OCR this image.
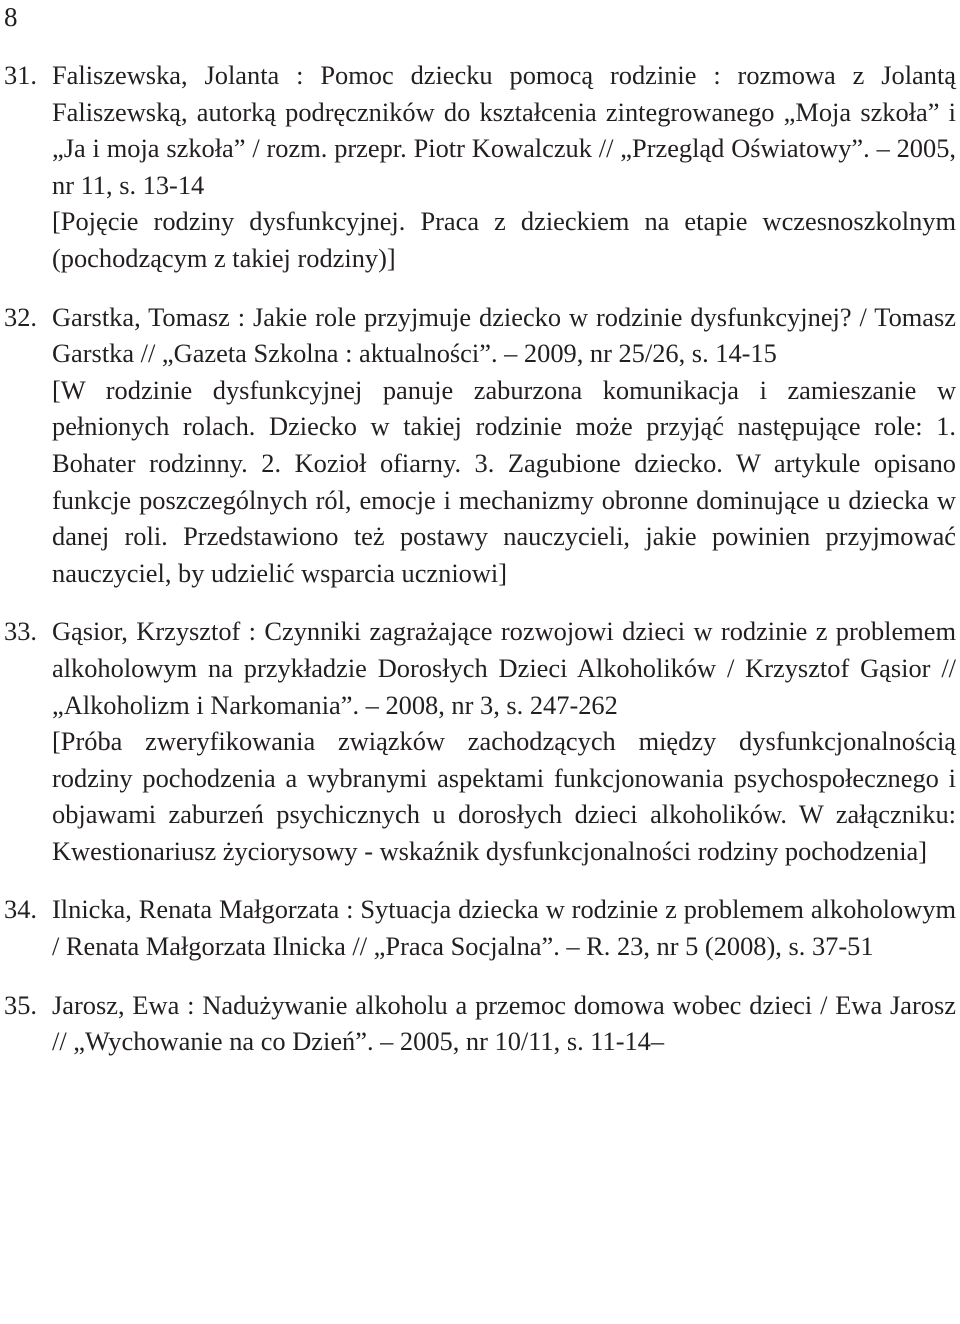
8
31. Faliszewska, Jolanta : Pomoc dziecku pomocą rodzinie : rozmowa z Jolantą Faliszewską, autorką podręczników do kształcenia zintegrowanego „Moja szkoła” i „Ja i moja szkoła” / rozm. przepr. Piotr Kowalczuk // „Przegląd Oświatowy”. – 2005, nr 11, s. 13-14

[Pojęcie rodziny dysfunkcyjnej. Praca z dzieckiem na etapie wczesnoszkolnym (pochodzącym z takiej rodziny)]

32. Garstka, Tomasz : Jakie role przyjmuje dziecko w rodzinie dysfunkcyjnej? / Tomasz Garstka // „Gazeta Szkolna : aktualności”. – 2009, nr 25/26, s. 14-15

[W rodzinie dysfunkcyjnej panuje zaburzona komunikacja i zamieszanie w pełnionych rolach. Dziecko w takiej rodzinie może przyjąć następujące role: 1. Bohater rodzinny. 2. Kozioł ofiarny. 3. Zagubione dziecko. W artykule opisano funkcje poszczególnych ról, emocje i mechanizmy obronne dominujące u dziecka w danej roli. Przedstawiono też postawy nauczycieli, jakie powinien przyjmować nauczyciel, by udzielić wsparcia uczniowi]

33. Gąsior, Krzysztof : Czynniki zagrażające rozwojowi dzieci w rodzinie z problemem alkoholowym na przykładzie Dorosłych Dzieci Alkoholików / Krzysztof Gąsior // „Alkoholizm i Narkomania”. – 2008, nr 3, s. 247-262

[Próba zweryfikowania związków zachodzących między dysfunkcjonalnością rodziny pochodzenia a wybranymi aspektami funkcjonowania psychospołecznego i objawami zaburzeń psychicznych u dorosłych dzieci alkoholików. W załączniku: Kwestionariusz życiorysowy - wskaźnik dysfunkcjonalności rodziny pochodzenia]

34. Ilnicka, Renata Małgorzata : Sytuacja dziecka w rodzinie z problemem alkoholowym / Renata Małgorzata Ilnicka // „Praca Socjalna”. – R. 23, nr 5 (2008), s. 37-51

35. Jarosz, Ewa : Nadużywanie alkoholu a przemoc domowa wobec dzieci / Ewa Jarosz // „Wychowanie na co Dzień”. – 2005, nr 10/11, s. 11-14–
